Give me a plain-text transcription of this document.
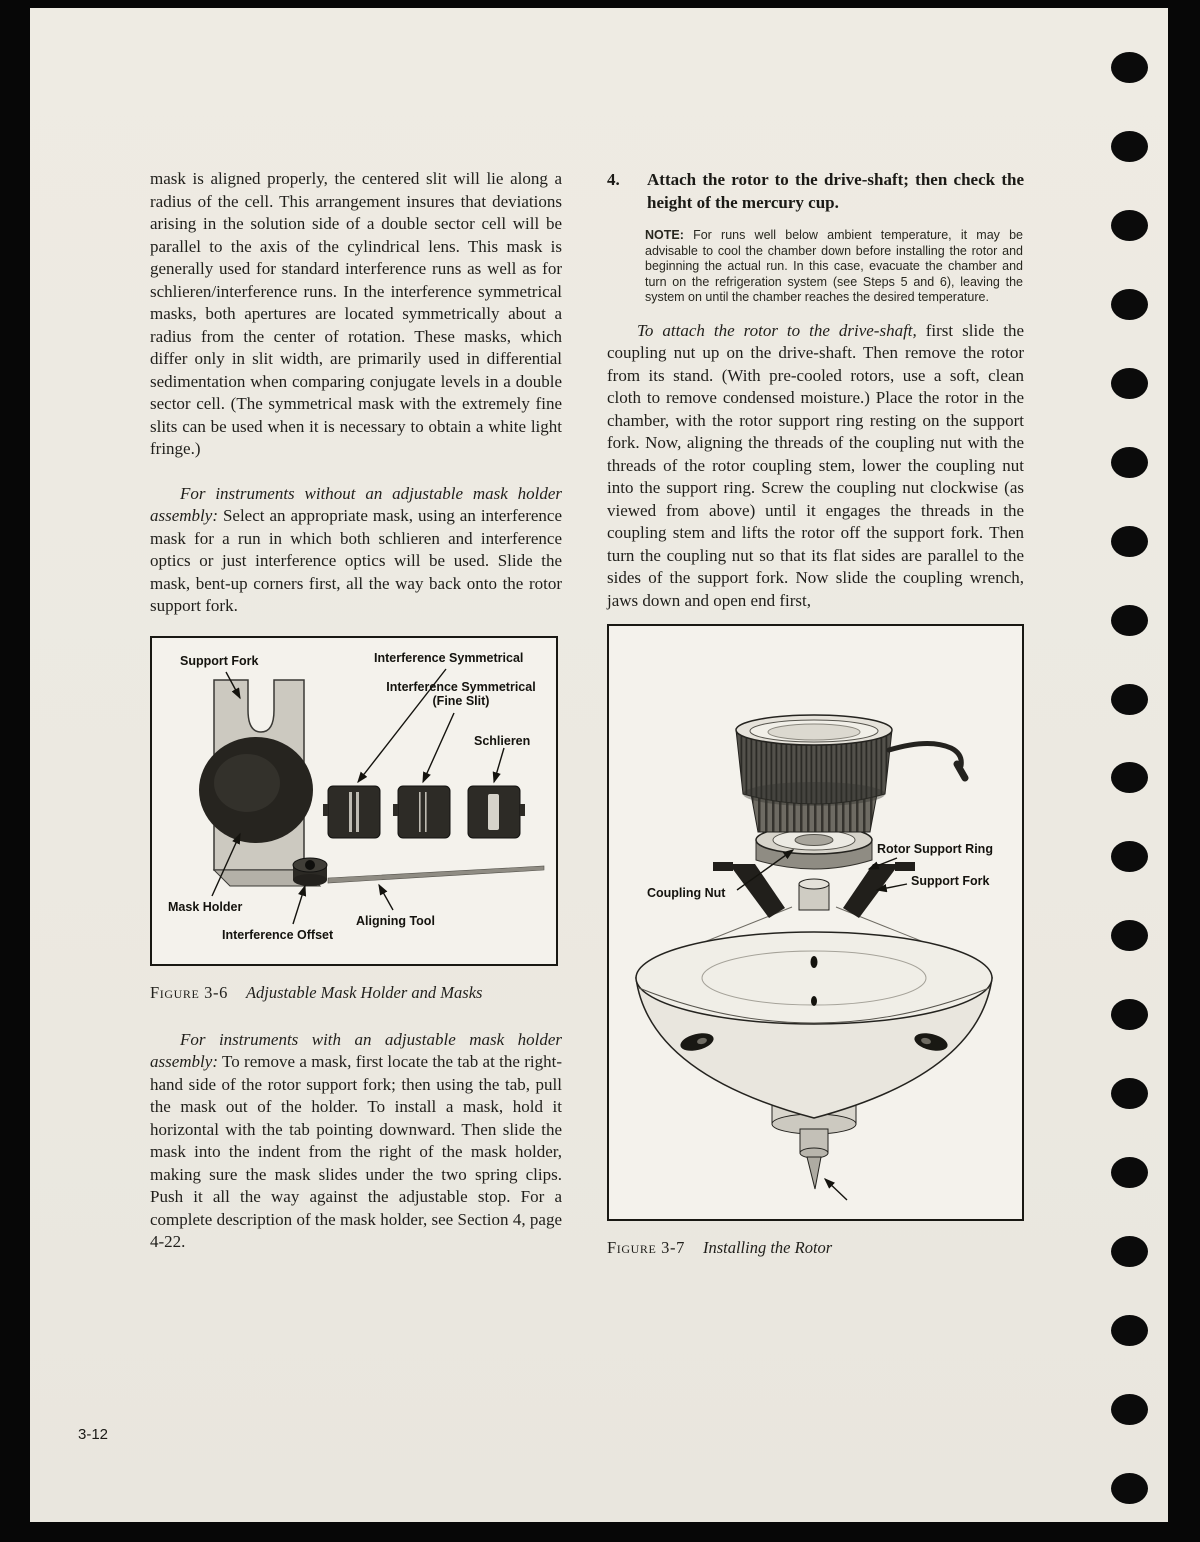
mask is aligned properly, the centered slit will lie along a radius of the cell. This arrangement insures that deviations arising in the solution side of a double sector cell will be parallel to the axis of the cylindrical lens. This mask is generally used for standard interference runs as well as for schlieren/interference runs. In the interference symmetrical masks, both apertures are located symmetrically about a radius from the center of rotation. These masks, which differ only in slit width, are primarily used in differential sedimentation when comparing conjugate levels in a double sector cell. (The symmetrical mask with the extremely fine slits can be used when it is necessary to obtain a white light fringe.)

For instruments without an adjustable mask holder assembly: Select an appropriate mask, using an interference mask for a run in which both schlieren and interference optics or just interference optics will be used. Slide the mask, bent-up corners first, all the way back onto the rotor support fork.

Support Fork	Interference Symmetrical
Interference Symmetrical
(Fine Slit)
Schlieren
Mask Holder
Interference Offset
Aligning Tool
Figure 3-6 Adjustable Mask Holder and Masks

For instruments with an adjustable mask holder assembly: To remove a mask, first locate the tab at the right-hand side of the rotor support fork; then using the tab, pull the mask out of the holder. To install a mask, hold it horizontal with the tab pointing downward. Then slide the mask into the indent from the right of the mask holder, making sure the mask slides under the two spring clips. Push it all the way against the adjustable stop. For a complete description of the mask holder, see Section 4, page 4-22.

4. Attach the rotor to the drive-shaft; then check the height of the mercury cup.

NOTE: For runs well below ambient temperature, it may be advisable to cool the chamber down before installing the rotor and beginning the actual run. In this case, evacuate the chamber and turn on the refrigeration system (see Steps 5 and 6), leaving the system on until the chamber reaches the desired temperature.

To attach the rotor to the drive-shaft, first slide the coupling nut up on the drive-shaft. Then remove the rotor from its stand. (With pre-cooled rotors, use a soft, clean cloth to remove condensed moisture.) Place the rotor in the chamber, with the rotor support ring resting on the support fork. Now, aligning the threads of the coupling nut with the threads of the rotor coupling stem, lower the coupling nut into the support ring. Screw the coupling nut clockwise (as viewed from above) until it engages the threads in the coupling stem and lifts the rotor off the support fork. Then turn the coupling nut so that its flat sides are parallel to the sides of the support fork. Now slide the coupling wrench, jaws down and open end first,

Rotor Support Ring
Coupling Nut
Support Fork
Figure 3-7 Installing the Rotor
3-12
